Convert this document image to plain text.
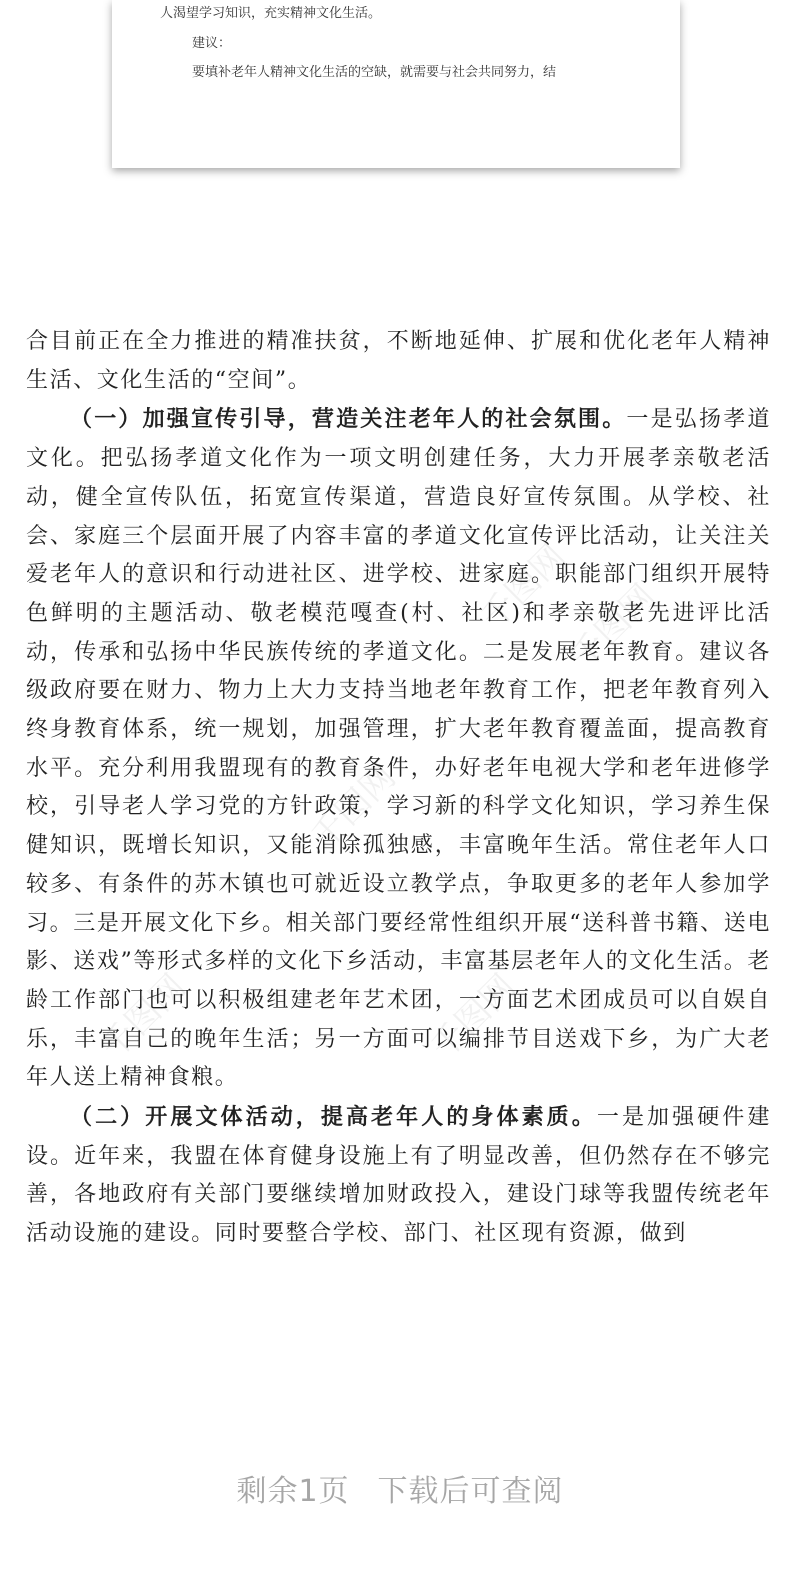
人渴望学习知识，充实精神文化生活。

建议：

要填补老年人精神文化生活的空缺，就需要与社会共同努力，结

千图网
千图网
千图网
千图网	千图网

合目前正在全力推进的精准扶贫，不断地延伸、扩展和优化老年人精神生活、文化生活的“空间”。

（一）加强宣传引导，营造关注老年人的社会氛围。一是弘扬孝道文化。把弘扬孝道文化作为一项文明创建任务，大力开展孝亲敬老活动，健全宣传队伍，拓宽宣传渠道，营造良好宣传氛围。从学校、社会、家庭三个层面开展了内容丰富的孝道文化宣传评比活动，让关注关爱老年人的意识和行动进社区、进学校、进家庭。职能部门组织开展特色鲜明的主题活动、敬老模范嘎查(村、社区)和孝亲敬老先进评比活动，传承和弘扬中华民族传统的孝道文化。二是发展老年教育。建议各级政府要在财力、物力上大力支持当地老年教育工作，把老年教育列入终身教育体系，统一规划，加强管理，扩大老年教育覆盖面，提高教育水平。充分利用我盟现有的教育条件，办好老年电视大学和老年进修学校，引导老人学习党的方针政策，学习新的科学文化知识，学习养生保健知识，既增长知识，又能消除孤独感，丰富晚年生活。常住老年人口较多、有条件的苏木镇也可就近设立教学点，争取更多的老年人参加学习。三是开展文化下乡。相关部门要经常性组织开展“送科普书籍、送电影、送戏”等形式多样的文化下乡活动，丰富基层老年人的文化生活。老龄工作部门也可以积极组建老年艺术团，一方面艺术团成员可以自娱自乐，丰富自己的晚年生活；另一方面可以编排节目送戏下乡，为广大老年人送上精神食粮。

（二）开展文体活动，提高老年人的身体素质。一是加强硬件建设。近年来，我盟在体育健身设施上有了明显改善，但仍然存在不够完善，各地政府有关部门要继续增加财政投入，建设门球等我盟传统老年活动设施的建设。同时要整合学校、部门、社区现有资源，做到

剩余1页 下载后可查阅
